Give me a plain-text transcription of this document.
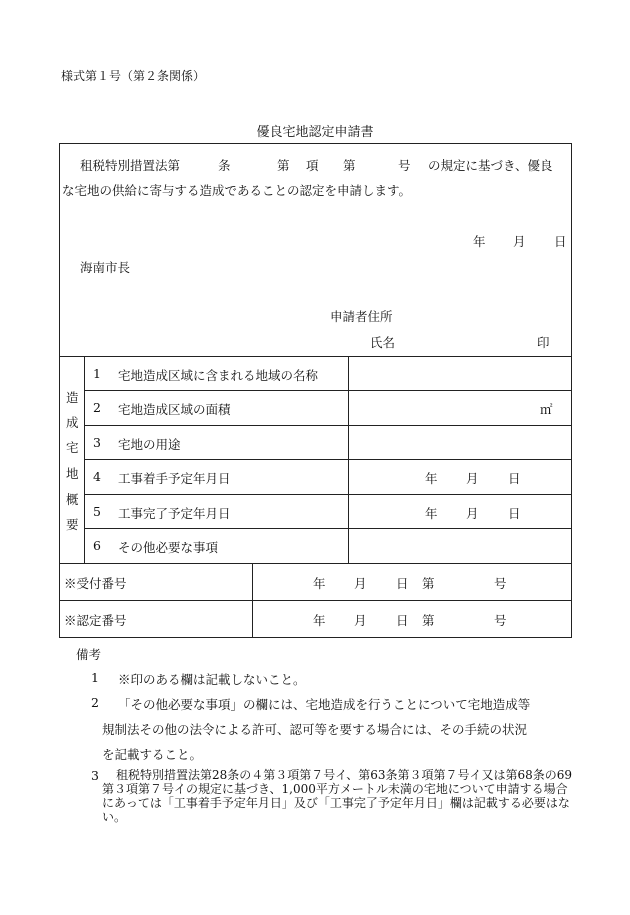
様式第１号（第２条関係）
優良宅地認定申請書
租税特別措置法第	条	第 項 第	号 の規定に基づき、優良
な宅地の供給に寄与する造成であることの認定を申請します。
年 月 日
海南市長
申請者住所
氏名	印
造
成
宅
地
概
要
1 宅地造成区域に含まれる地域の名称
2 宅地造成区域の面積	㎡
3 宅地の用途
4 工事着手予定年月日	年 月 日
5 工事完了予定年月日	年 月 日
6 その他必要な事項
※受付番号	年 月 日 第	号
※認定番号	年 月 日 第	号
備考
1 ※印のある欄は記載しないこと。
2 「その他必要な事項」の欄には、宅地造成を行うことについて宅地造成等
規制法その他の法令による許可、認可等を要する場合には、その手続の状況
を記載すること。
3	租税特別措置法第28条の４第３項第７号イ、第63条第３項第７号イ又は第68条の69第３項第７号イの規定に基づき、1,000平方メートル未満の宅地について申請する場合にあっては「工事着手予定年月日」及び「工事完了予定年月日」欄は記載する必要はない。
